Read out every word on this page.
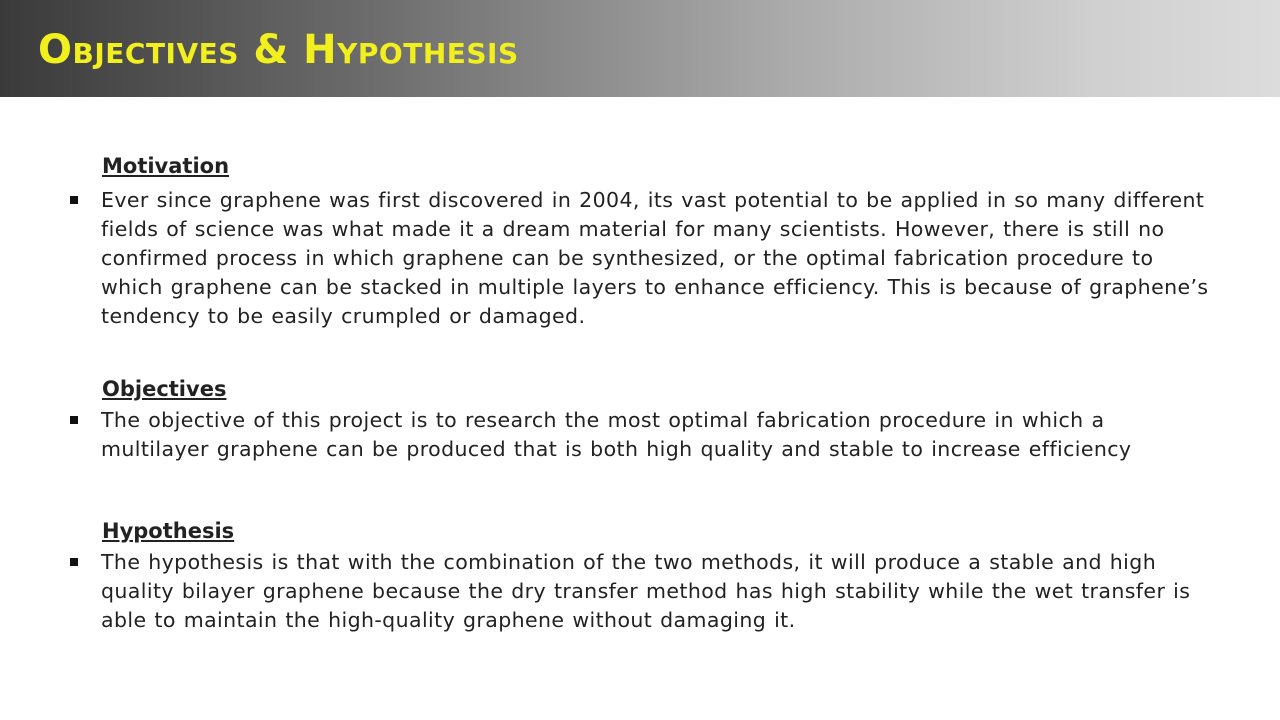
Objectives & Hypothesis
Motivation
Ever since graphene was first discovered in 2004, its vast potential to be applied in so many different fields of science was what made it a dream material for many scientists. However, there is still no confirmed process in which graphene can be synthesized, or the optimal fabrication procedure to which graphene can be stacked in multiple layers to enhance efficiency. This is because of graphene’s tendency to be easily crumpled or damaged.
Objectives
The objective of this project is to research the most optimal fabrication procedure in which a multilayer graphene can be produced that is both high quality and stable to increase efficiency
Hypothesis
The hypothesis is that with the combination of the two methods, it will produce a stable and high quality bilayer graphene because the dry transfer method has high stability while the wet transfer is able to maintain the high-quality graphene without damaging it.
